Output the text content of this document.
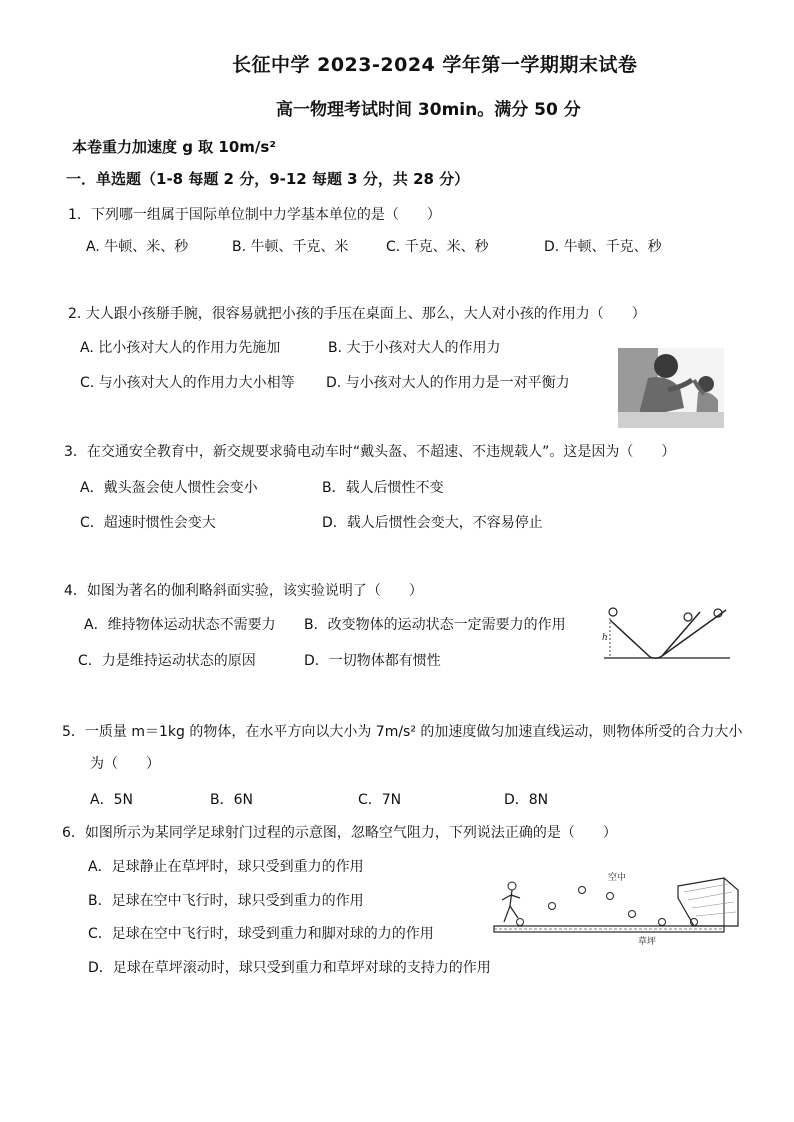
长征中学 2023-2024 学年第一学期期末试卷
高一物理考试时间 30min。满分 50 分
本卷重力加速度 g 取 10m/s²
一．单选题（1-8 每题 2 分，9-12 每题 3 分，共 28 分）
1．下列哪一组属于国际单位制中力学基本单位的是（　　）
A. 牛顿、米、秒	B. 牛顿、千克、米	C. 千克、米、秒	D. 牛顿、千克、秒
2. 大人跟小孩掰手腕，很容易就把小孩的手压在桌面上、那么，大人对小孩的作用力（　　）
A. 比小孩对大人的作用力先施加	B. 大于小孩对大人的作用力
C. 与小孩对大人的作用力大小相等 D. 与小孩对大人的作用力是一对平衡力
3．在交通安全教育中，新交规要求骑电动车时“戴头盔、不超速、不违规载人”。这是因为（　　）
A．戴头盔会使人惯性会变小	B．载人后惯性不变
C．超速时惯性会变大	D．载人后惯性会变大，不容易停止
4．如图为著名的伽利略斜面实验，该实验说明了（　　）
A．维持物体运动状态不需要力 B．改变物体的运动状态一定需要力的作用
C．力是维持运动状态的原因	D．一切物体都有惯性
h
5．一质量 m＝1kg 的物体，在水平方向以大小为 7m/s² 的加速度做匀加速直线运动，则物体所受的合力大小
为（　　）
A．5N	B．6N	C．7N	D．8N
6．如图所示为某同学足球射门过程的示意图，忽略空气阻力，下列说法正确的是（　　）
A．足球静止在草坪时，球只受到重力的作用
B．足球在空中飞行时，球只受到重力的作用
C．足球在空中飞行时，球受到重力和脚对球的力的作用
D．足球在草坪滚动时，球只受到重力和草坪对球的支持力的作用
空中
草坪
